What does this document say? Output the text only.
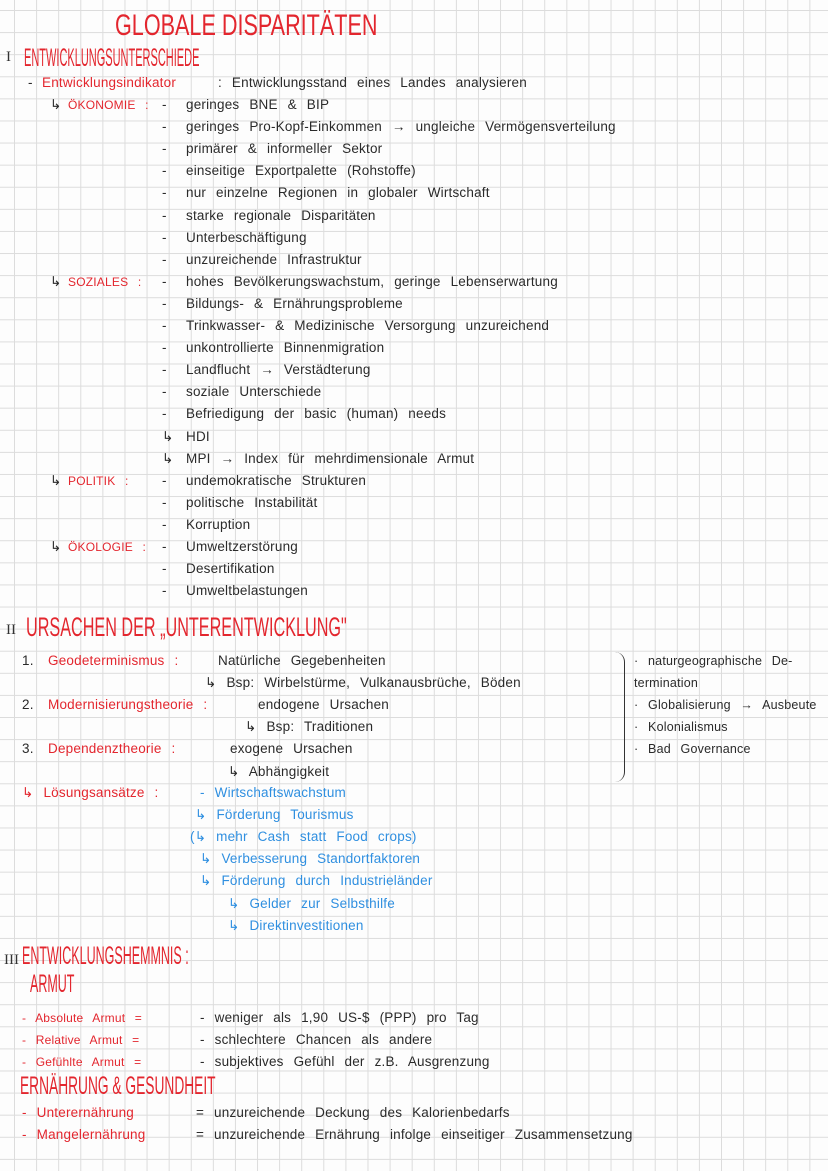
GLOBALE DISPARITÄTEN
I ENTWICKLUNGSUNTERSCHIEDE
- Entwicklungsindikator	: Entwicklungsstand eines Landes analysieren
↳ ÖKONOMIE : - geringes BNE & BIP
- geringes Pro-Kopf-Einkommen → ungleiche Vermögensverteilung
- primärer & informeller Sektor
- einseitige Exportpalette (Rohstoffe)
- nur einzelne Regionen in globaler Wirtschaft
- starke regionale Disparitäten
- Unterbeschäftigung
- unzureichende Infrastruktur
↳ SOZIALES : - hohes Bevölkerungswachstum, geringe Lebenserwartung
- Bildungs- & Ernährungsprobleme
- Trinkwasser- & Medizinische Versorgung unzureichend
- unkontrollierte Binnenmigration
- Landflucht → Verstädterung
- soziale Unterschiede
- Befriedigung der basic (human) needs
↳ HDI
↳ MPI → Index für mehrdimensionale Armut
↳ POLITIK : - undemokratische Strukturen
- politische Instabilität
- Korruption
↳ ÖKOLOGIE : - Umweltzerstörung
- Desertifikation
- Umweltbelastungen
II URSACHEN DER „UNTERENTWICKLUNG"
1. Geodeterminismus :	Natürliche Gegebenheiten
↳ Bsp: Wirbelstürme, Vulkanausbrüche, Böden
2. Modernisierungstheorie :	endogene Ursachen
↳ Bsp: Traditionen
3. Dependenztheorie :	exogene Ursachen
↳ Abhängigkeit
· naturgeographische De-
termination
· Globalisierung → Ausbeute
· Kolonialismus
· Bad Governance
↳ Lösungsansätze :	- Wirtschaftswachstum
↳ Förderung Tourismus
(↳ mehr Cash statt Food crops)
↳ Verbesserung Standortfaktoren
↳ Förderung durch Industrieländer
↳ Gelder zur Selbsthilfe
↳ Direktinvestitionen
III ENTWICKLUNGSHEMMNIS :
ARMUT
- Absolute Armut =	- weniger als 1,90 US-$ (PPP) pro Tag
- Relative Armut =	- schlechtere Chancen als andere
- Gefühlte Armut =	- subjektives Gefühl der z.B. Ausgrenzung
ERNÄHRUNG & GESUNDHEIT
- Unterernährung	= unzureichende Deckung des Kalorienbedarfs
- Mangelernährung	= unzureichende Ernährung infolge einseitiger Zusammensetzung
